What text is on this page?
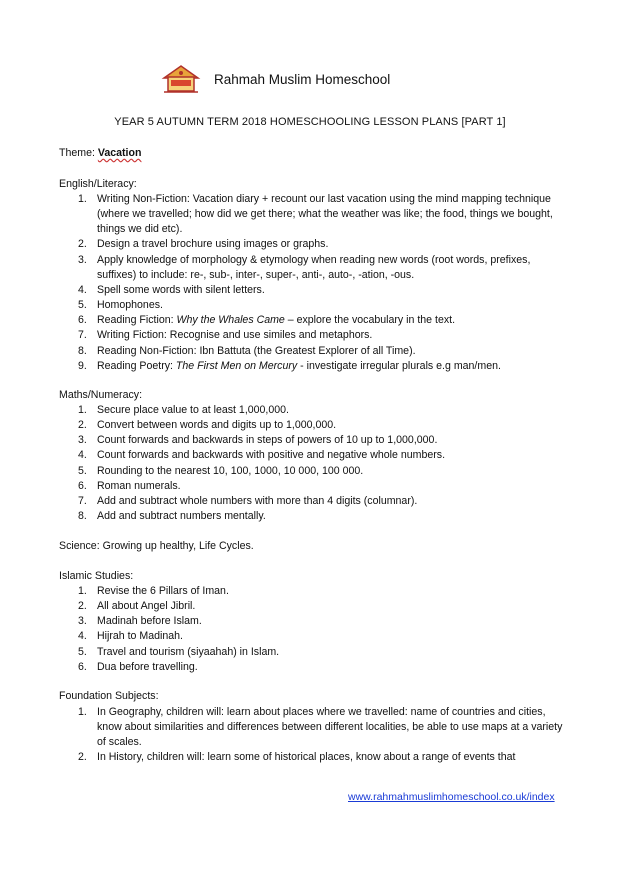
Rahmah Muslim Homeschool
YEAR 5 AUTUMN TERM 2018 HOMESCHOOLING LESSON PLANS [PART 1]
Theme: Vacation
English/Literacy:
1. Writing Non-Fiction: Vacation diary + recount our last vacation using the mind mapping technique (where we travelled; how did we get there; what the weather was like; the food, things we bought, things we did etc).
2. Design a travel brochure using images or graphs.
3. Apply knowledge of morphology & etymology when reading new words (root words, prefixes, suffixes) to include: re-, sub-, inter-, super-, anti-, auto-, -ation, -ous.
4. Spell some words with silent letters.
5. Homophones.
6. Reading Fiction: Why the Whales Came – explore the vocabulary in the text.
7. Writing Fiction: Recognise and use similes and metaphors.
8. Reading Non-Fiction: Ibn Battuta (the Greatest Explorer of all Time).
9. Reading Poetry: The First Men on Mercury - investigate irregular plurals e.g man/men.
Maths/Numeracy:
1. Secure place value to at least 1,000,000.
2. Convert between words and digits up to 1,000,000.
3. Count forwards and backwards in steps of powers of 10 up to 1,000,000.
4. Count forwards and backwards with positive and negative whole numbers.
5. Rounding to the nearest 10, 100, 1000, 10 000, 100 000.
6. Roman numerals.
7. Add and subtract whole numbers with more than 4 digits (columnar).
8. Add and subtract numbers mentally.
Science: Growing up healthy, Life Cycles.
Islamic Studies:
1. Revise the 6 Pillars of Iman.
2. All about Angel Jibril.
3. Madinah before Islam.
4. Hijrah to Madinah.
5. Travel and tourism (siyaahah) in Islam.
6. Dua before travelling.
Foundation Subjects:
1. In Geography, children will: learn about places where we travelled: name of countries and cities, know about similarities and differences between different localities, be able to use maps at a variety of scales.
2. In History, children will: learn some of historical places, know about a range of events that
www.rahmahmuslimhomeschool.co.uk/index
